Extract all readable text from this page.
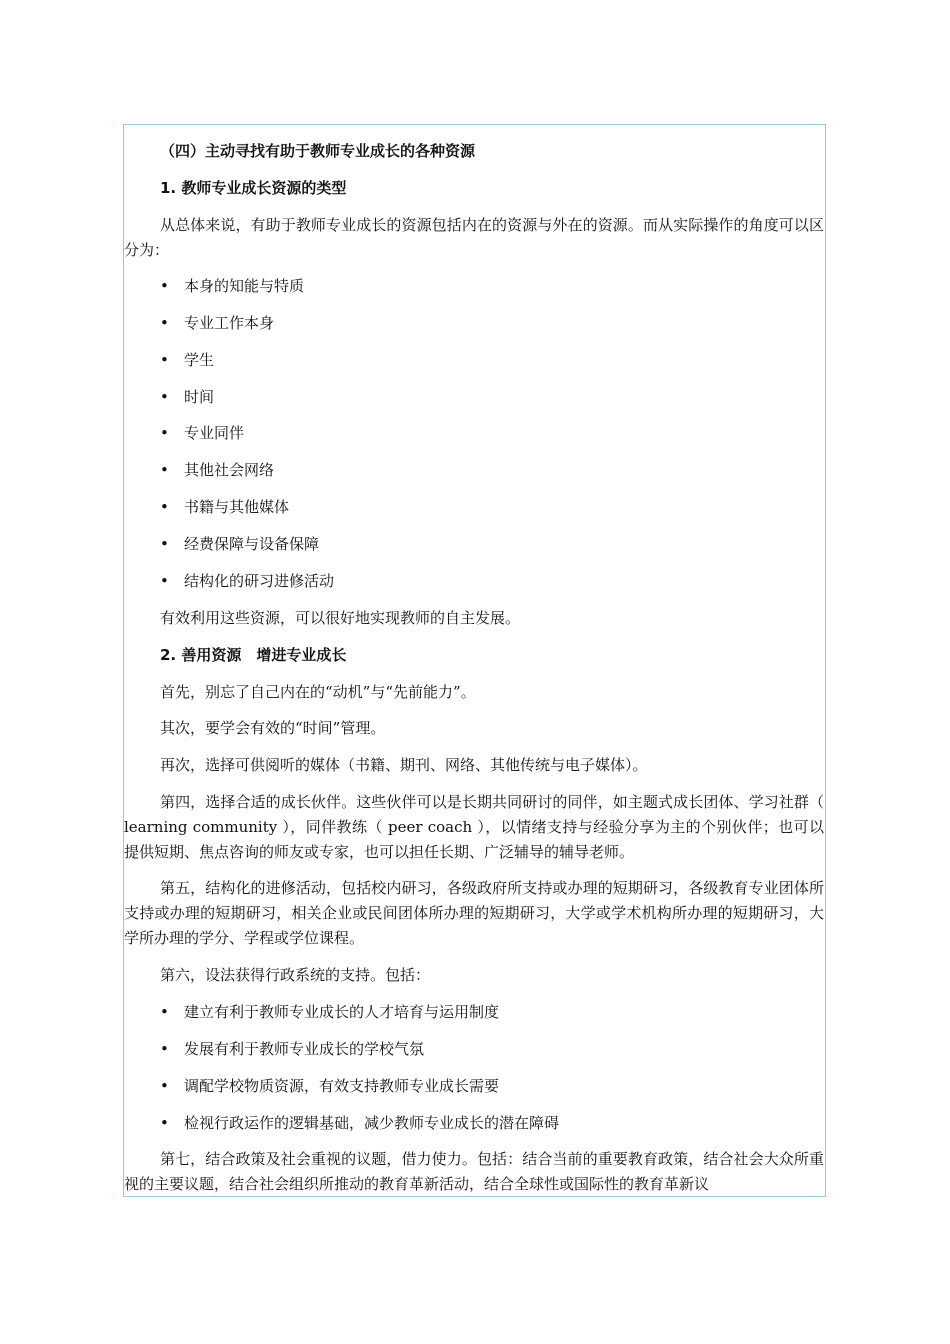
（四）主动寻找有助于教师专业成长的各种资源
1. 教师专业成长资源的类型
从总体来说，有助于教师专业成长的资源包括内在的资源与外在的资源。而从实际操作的角度可以区分为：
• 本身的知能与特质
• 专业工作本身
• 学生
• 时间
• 专业同伴
• 其他社会网络
• 书籍与其他媒体
• 经费保障与设备保障
• 结构化的研习进修活动
有效利用这些资源，可以很好地实现教师的自主发展。
2. 善用资源　增进专业成长
首先，别忘了自己内在的“动机”与“先前能力”。
其次，要学会有效的“时间”管理。
再次，选择可供阅听的媒体（书籍、期刊、网络、其他传统与电子媒体）。
第四，选择合适的成长伙伴。这些伙伴可以是长期共同研讨的同伴，如主题式成长团体、学习社群（ learning community ），同伴教练（ peer coach ），以情绪支持与经验分享为主的个别伙伴；也可以提供短期、焦点咨询的师友或专家，也可以担任长期、广泛辅导的辅导老师。
第五，结构化的进修活动，包括校内研习，各级政府所支持或办理的短期研习，各级教育专业团体所支持或办理的短期研习，相关企业或民间团体所办理的短期研习，大学或学术机构所办理的短期研习，大学所办理的学分、学程或学位课程。
第六，设法获得行政系统的支持。包括：
• 建立有利于教师专业成长的人才培育与运用制度
• 发展有利于教师专业成长的学校气氛
• 调配学校物质资源，有效支持教师专业成长需要
• 检视行政运作的逻辑基础，减少教师专业成长的潜在障碍
第七，结合政策及社会重视的议题，借力使力。包括：结合当前的重要教育政策，结合社会大众所重视的主要议题，结合社会组织所推动的教育革新活动，结合全球性或国际性的教育革新议
